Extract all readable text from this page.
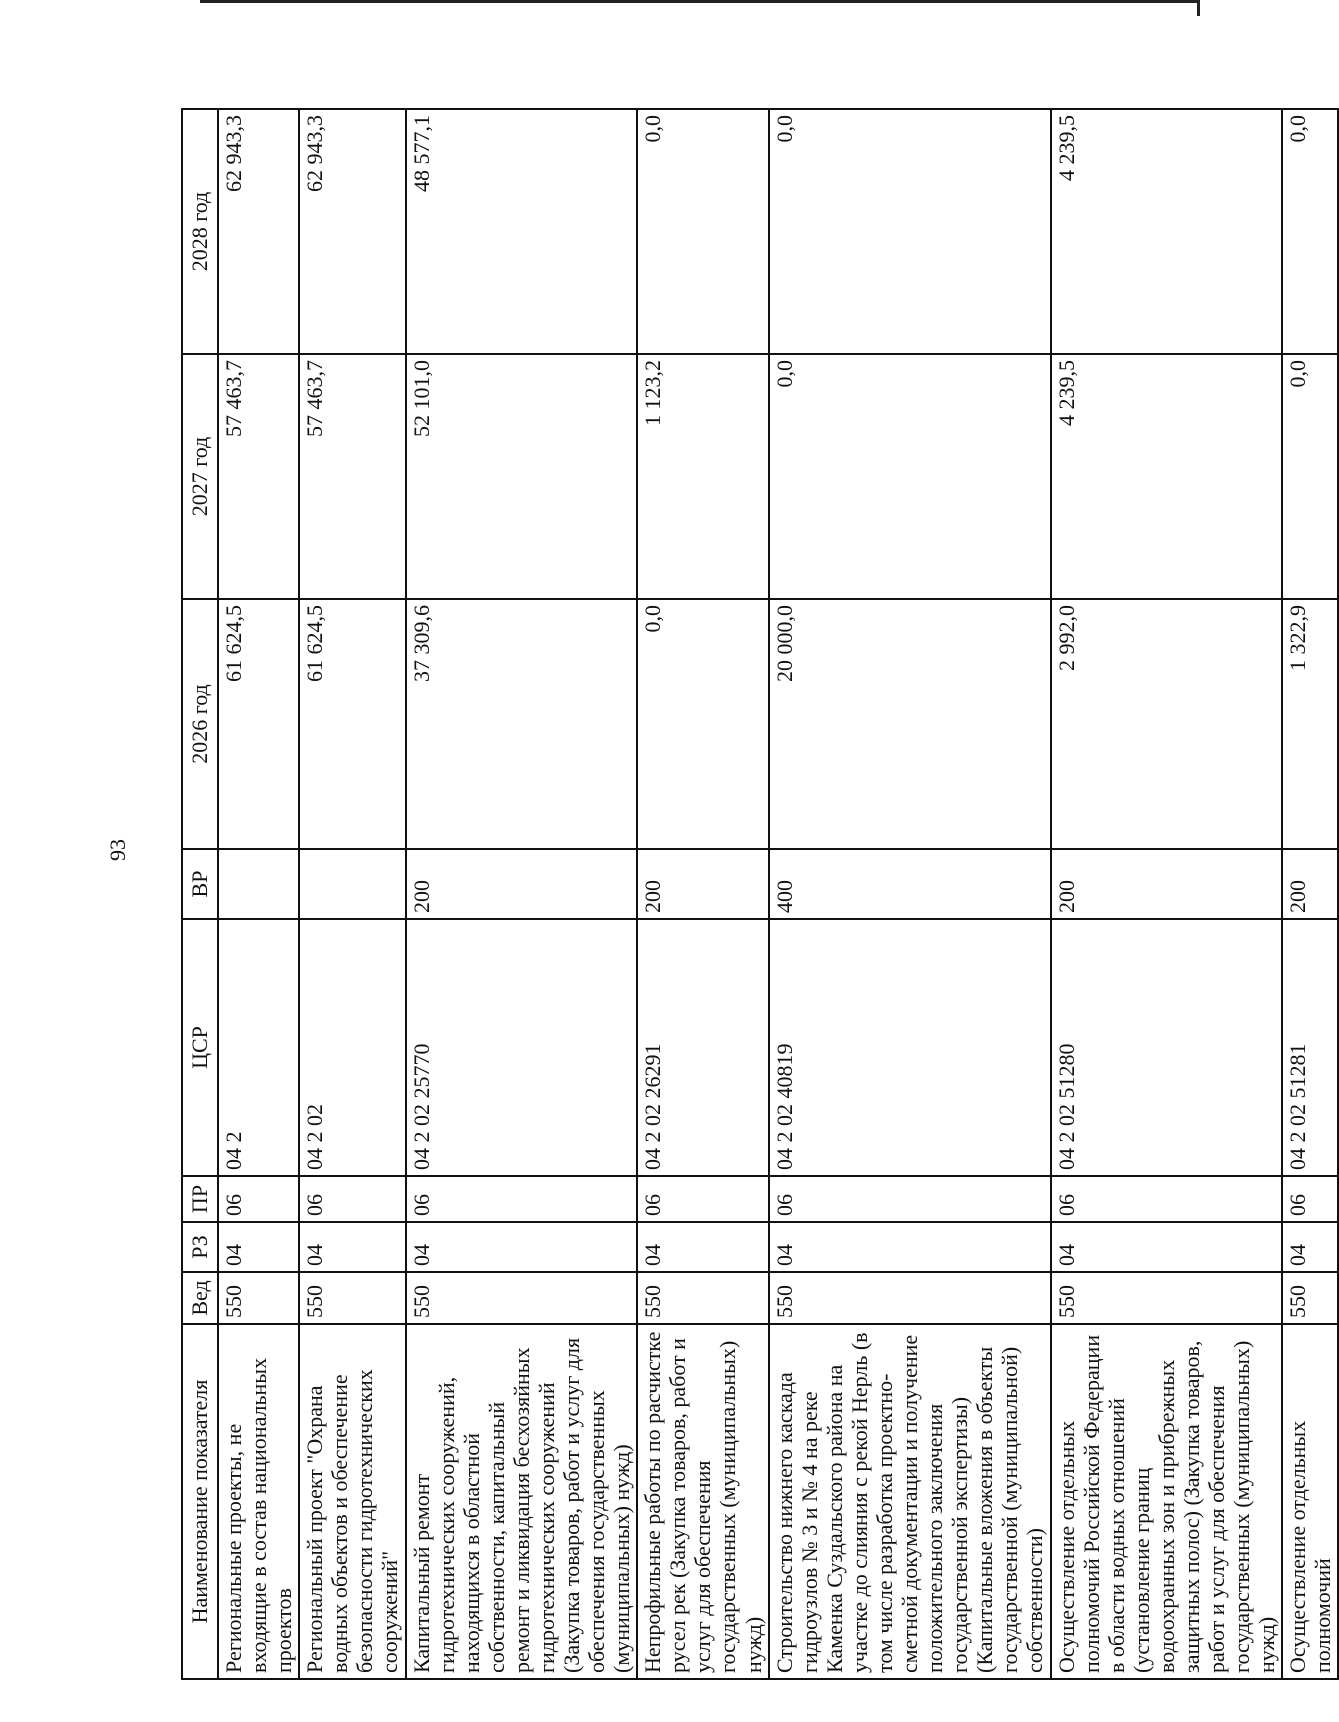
93
Наименование показателя	Вед	РЗ	ПР	ЦСР	ВР	2026 год	2027 год	2028 год
Региональные проекты, не входящие в состав национальных проектов	550	04	06	04 2		61 624,5	57 463,7	62 943,3
Региональный проект "Охрана водных объектов и обеспечение безопасности гидротехнических сооружений"	550	04	06	04 2 02		61 624,5	57 463,7	62 943,3
Капитальный ремонт гидротехнических сооружений, находящихся в областной собственности, капитальный ремонт и ликвидация бесхозяйных гидротехнических сооружений (Закупка товаров, работ и услуг для обеспечения государственных (муниципальных) нужд)	550	04	06	04 2 02 25770	200	37 309,6	52 101,0	48 577,1
Непрофильные работы по расчистке русел рек (Закупка товаров, работ и услуг для обеспечения государственных (муниципальных) нужд)	550	04	06	04 2 02 26291	200	0,0	1 123,2	0,0
Строительство нижнего каскада гидроузлов № 3 и № 4 на реке Каменка Суздальского района на участке до слияния с рекой Нерль (в том числе разработка проектно-сметной документации и получение положительного заключения государственной экспертизы) (Капитальные вложения в объекты государственной (муниципальной) собственности)	550	04	06	04 2 02 40819	400	20 000,0	0,0	0,0
Осуществление отдельных полномочий Российской Федерации в области водных отношений (установление границ водоохранных зон и прибрежных защитных полос) (Закупка товаров, работ и услуг для обеспечения государственных (муниципальных) нужд)	550	04	06	04 2 02 51280	200	2 992,0	4 239,5	4 239,5
Осуществление отдельных полномочий	550	04	06	04 2 02 51281	200	1 322,9	0,0	0,0
